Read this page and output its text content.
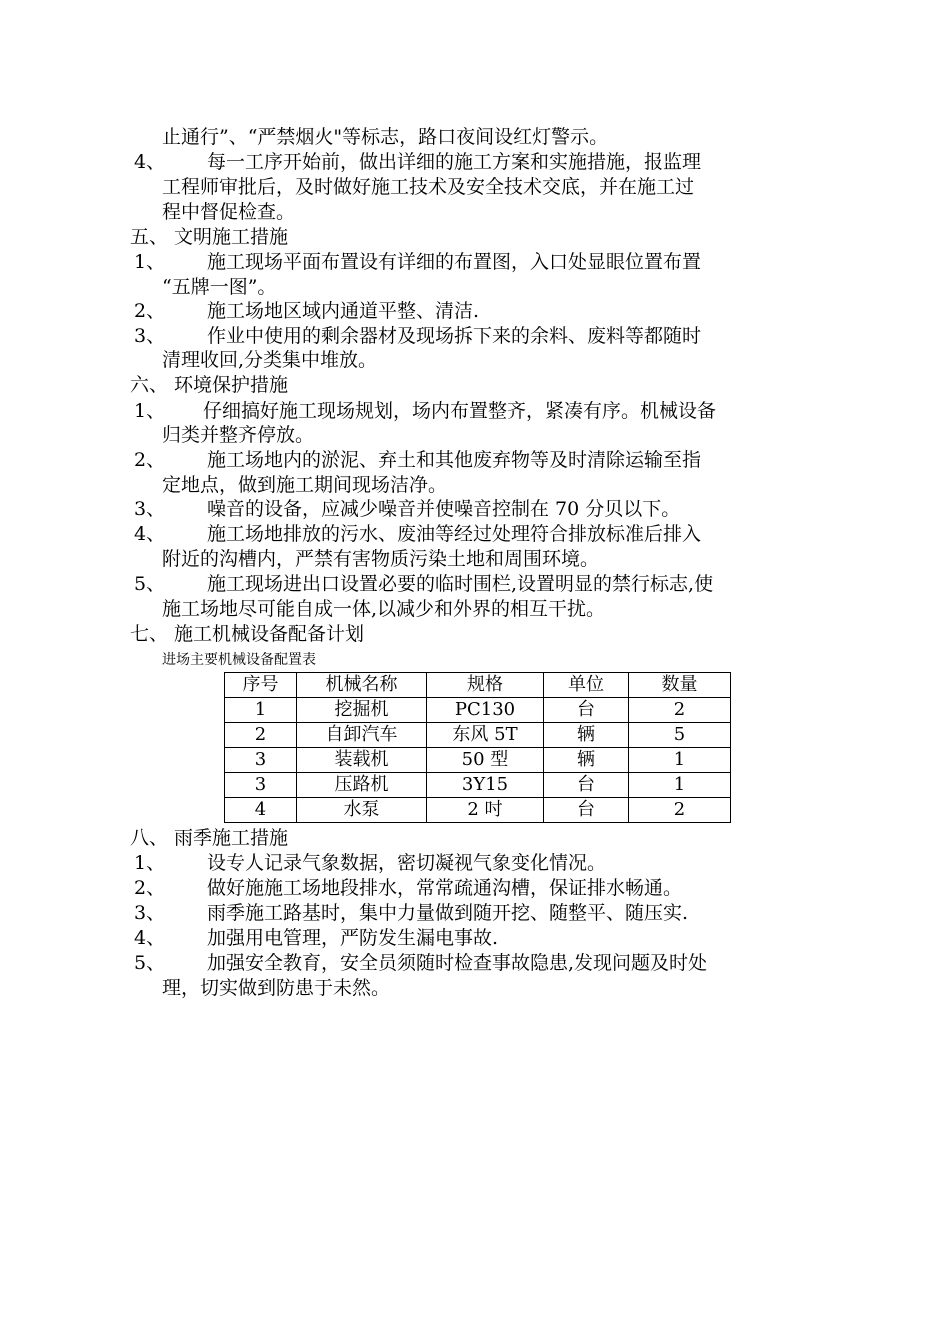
止通行”、“严禁烟火"等标志，路口夜间设红灯警示。
4、 每一工序开始前，做出详细的施工方案和实施措施，报监理
工程师审批后，及时做好施工技术及安全技术交底，并在施工过
程中督促检查。
五、 文明施工措施
1、 施工现场平面布置设有详细的布置图，入口处显眼位置布置
“五牌一图”。
2、 施工场地区域内通道平整、清洁.
3、 作业中使用的剩余器材及现场拆下来的余料、废料等都随时
清理收回,分类集中堆放。
六、 环境保护措施
1、 仔细搞好施工现场规划，场内布置整齐，紧凑有序。机械设备
归类并整齐停放。
2、 施工场地内的淤泥、弃土和其他废弃物等及时清除运输至指
定地点，做到施工期间现场洁净。
3、 噪音的设备，应减少噪音并使噪音控制在 70 分贝以下。
4、 施工场地排放的污水、废油等经过处理符合排放标准后排入
附近的沟槽内，严禁有害物质污染土地和周围环境。
5、 施工现场进出口设置必要的临时围栏,设置明显的禁行标志,使
施工场地尽可能自成一体,以减少和外界的相互干扰。
七、 施工机械设备配备计划
进场主要机械设备配置表
序号	机械名称	规格	单位	数量
1	挖掘机	PC130	台	2
2	自卸汽车	东风 5T	辆	5
3	装载机	50 型	辆	1
3	压路机	3Y15	台	1
4	水泵	2 吋	台	2
八、 雨季施工措施
1、 设专人记录气象数据，密切凝视气象变化情况。
2、 做好施施工场地段排水，常常疏通沟槽，保证排水畅通。
3、 雨季施工路基时，集中力量做到随开挖、随整平、随压实.
4、 加强用电管理，严防发生漏电事故.
5、 加强安全教育，安全员须随时检查事故隐患,发现问题及时处
理，切实做到防患于未然。
